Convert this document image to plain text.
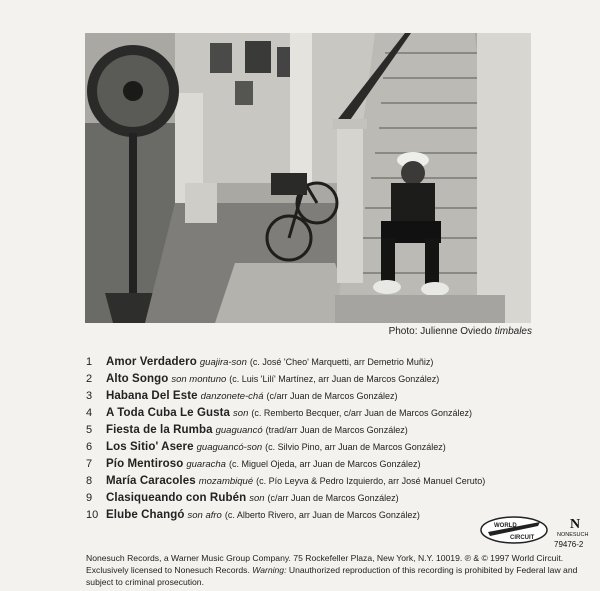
Photo: Julienne Oviedo timbales
1 Amor Verdadero guajira-son (c. José 'Cheo' Marquetti, arr Demetrio Muñiz)
2 Alto Songo son montuno (c. Luis 'Lilí' Martínez, arr Juan de Marcos González)
3 Habana Del Este danzonete-chá (c/arr Juan de Marcos González)
4 A Toda Cuba Le Gusta son (c. Remberto Becquer, c/arr Juan de Marcos González)
5 Fiesta de la Rumba guaguancó (trad/arr Juan de Marcos González)
6 Los Sitio' Asere guaguancó-son (c. Silvio Pino, arr Juan de Marcos González)
7 Pío Mentiroso guaracha (c. Miguel Ojeda, arr Juan de Marcos González)
8 María Caracoles mozambiqué (c. Pío Leyva & Pedro Izquierdo, arr José Manuel Ceruto)
9 Clasiqueando con Rubén son (c/arr Juan de Marcos González)
10 Elube Changó son afro (c. Alberto Rivero, arr Juan de Marcos González)
WORLD
CIRCUIT
N
NONESUCH
79476-2
Nonesuch Records, a Warner Music Group Company. 75 Rockefeller Plaza, New York, N.Y. 10019. ℗ & © 1997 World Circuit. Exclusively licensed to Nonesuch Records. Warning: Unauthorized reproduction of this recording is prohibited by Federal law and subject to criminal prosecution.
